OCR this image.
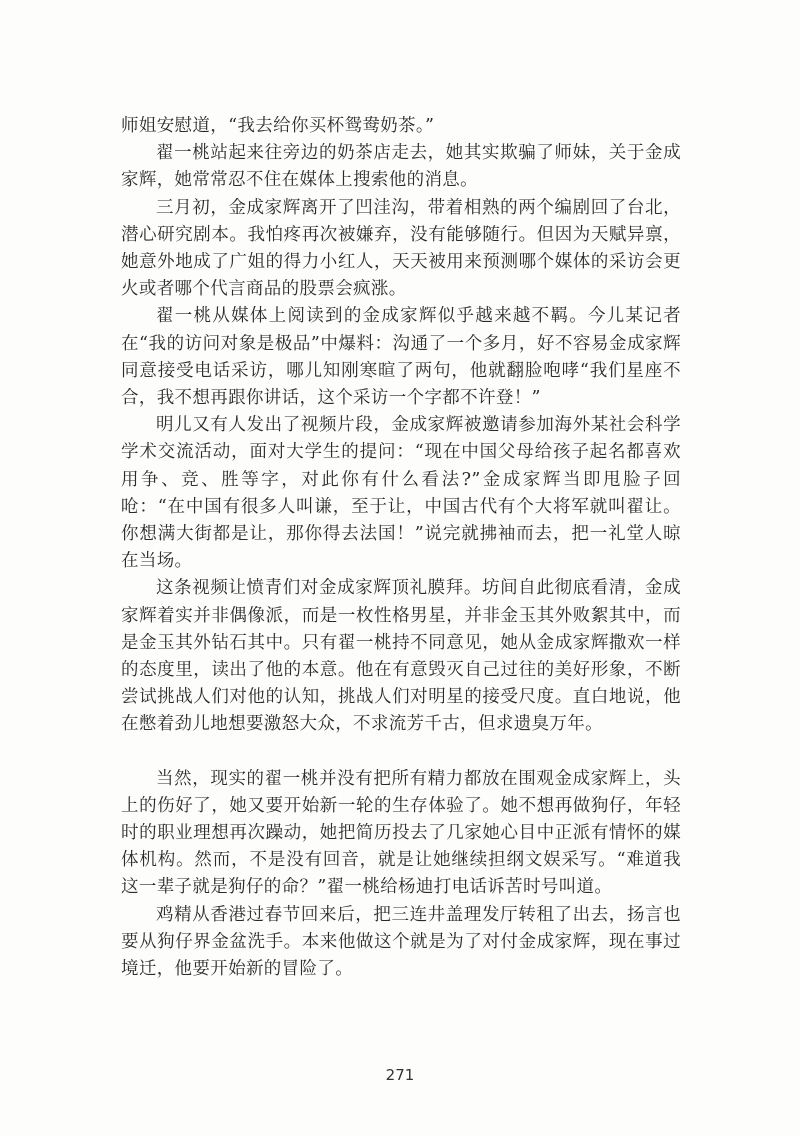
师姐安慰道，“我去给你买杯鸳鸯奶茶。”

翟一桃站起来往旁边的奶茶店走去，她其实欺骗了师妹，关于金成家辉，她常常忍不住在媒体上搜索他的消息。

三月初，金成家辉离开了凹洼沟，带着相熟的两个编剧回了台北，潜心研究剧本。我怕疼再次被嫌弃，没有能够随行。但因为天赋异禀，她意外地成了广姐的得力小红人，天天被用来预测哪个媒体的采访会更火或者哪个代言商品的股票会疯涨。

翟一桃从媒体上阅读到的金成家辉似乎越来越不羁。今儿某记者在“我的访问对象是极品”中爆料：沟通了一个多月，好不容易金成家辉同意接受电话采访，哪儿知刚寒暄了两句，他就翻脸咆哮“我们星座不合，我不想再跟你讲话，这个采访一个字都不许登！”

明儿又有人发出了视频片段，金成家辉被邀请参加海外某社会科学学术交流活动，面对大学生的提问：“现在中国父母给孩子起名都喜欢用争、竞、胜等字，对此你有什么看法?”金成家辉当即甩脸子回呛：“在中国有很多人叫谦，至于让，中国古代有个大将军就叫翟让。你想满大街都是让，那你得去法国！”说完就拂袖而去，把一礼堂人晾在当场。

这条视频让愤青们对金成家辉顶礼膜拜。坊间自此彻底看清，金成家辉着实并非偶像派，而是一枚性格男星，并非金玉其外败絮其中，而是金玉其外钻石其中。只有翟一桃持不同意见，她从金成家辉撒欢一样的态度里，读出了他的本意。他在有意毁灭自己过往的美好形象，不断尝试挑战人们对他的认知，挑战人们对明星的接受尺度。直白地说，他在憋着劲儿地想要激怒大众，不求流芳千古，但求遗臭万年。

当然，现实的翟一桃并没有把所有精力都放在围观金成家辉上，头上的伤好了，她又要开始新一轮的生存体验了。她不想再做狗仔，年轻时的职业理想再次躁动，她把简历投去了几家她心目中正派有情怀的媒体机构。然而，不是没有回音，就是让她继续担纲文娱采写。“难道我这一辈子就是狗仔的命？”翟一桃给杨迪打电话诉苦时号叫道。

鸡精从香港过春节回来后，把三连井盖理发厅转租了出去，扬言也要从狗仔界金盆洗手。本来他做这个就是为了对付金成家辉，现在事过境迁，他要开始新的冒险了。

271
